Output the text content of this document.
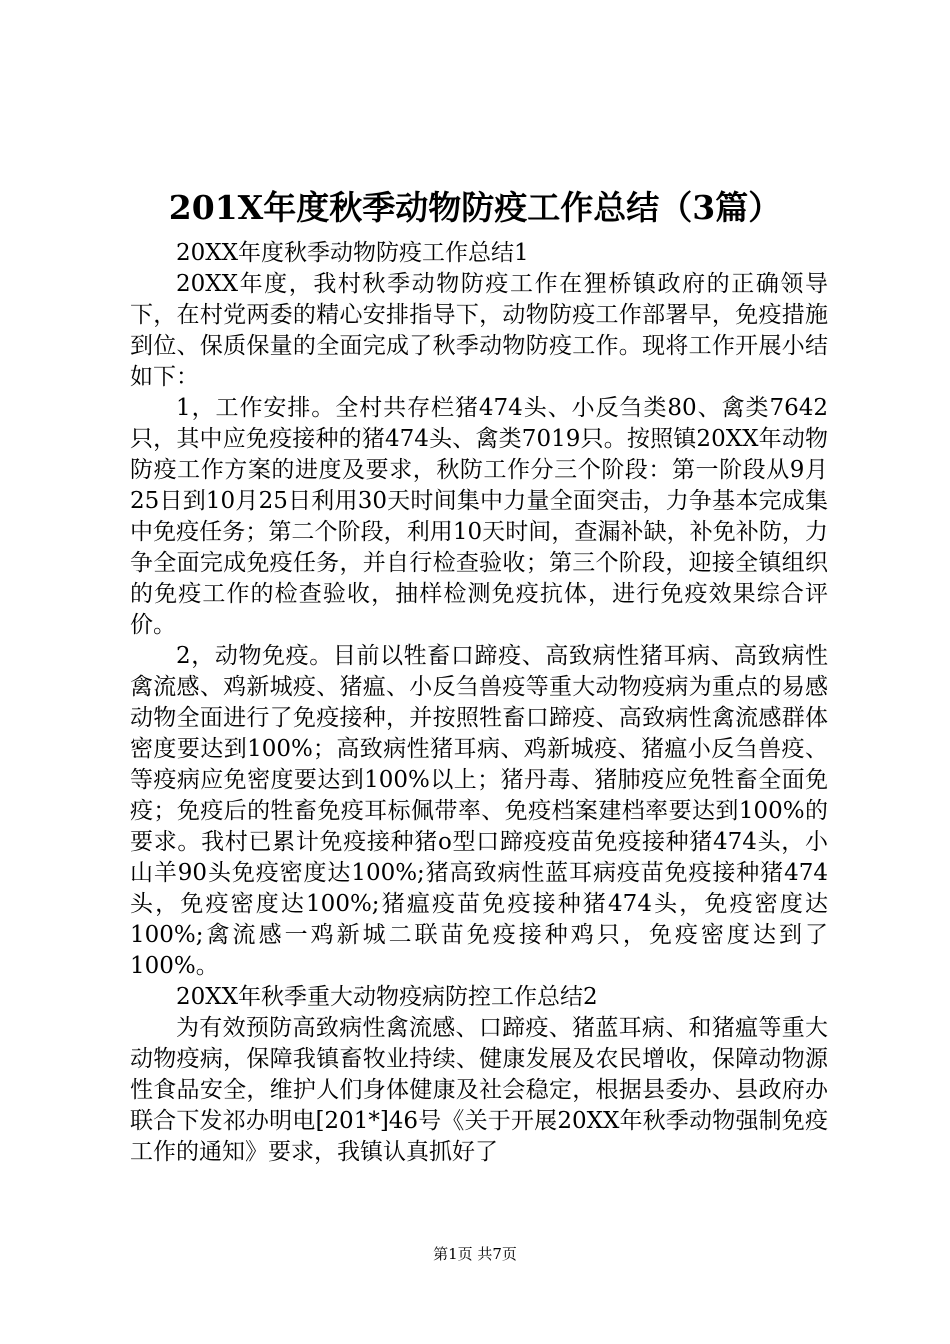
201X年度秋季动物防疫工作总结（3篇）

20XX年度秋季动物防疫工作总结1

20XX年度，我村秋季动物防疫工作在狸桥镇政府的正确领导下，在村党两委的精心安排指导下，动物防疫工作部署早，免疫措施到位、保质保量的全面完成了秋季动物防疫工作。现将工作开展小结如下：

1，工作安排。全村共存栏猪474头、小反刍类80、禽类7642只，其中应免疫接种的猪474头、禽类7019只。按照镇20XX年动物防疫工作方案的进度及要求，秋防工作分三个阶段：第一阶段从9月25日到10月25日利用30天时间集中力量全面突击，力争基本完成集中免疫任务；第二个阶段，利用10天时间，查漏补缺，补免补防，力争全面完成免疫任务，并自行检查验收；第三个阶段，迎接全镇组织的免疫工作的检查验收，抽样检测免疫抗体，进行免疫效果综合评价。

2，动物免疫。目前以牲畜口蹄疫、高致病性猪耳病、高致病性禽流感、鸡新城疫、猪瘟、小反刍兽疫等重大动物疫病为重点的易感动物全面进行了免疫接种，并按照牲畜口蹄疫、高致病性禽流感群体密度要达到100%；高致病性猪耳病、鸡新城疫、猪瘟小反刍兽疫、等疫病应免密度要达到100%以上；猪丹毒、猪肺疫应免牲畜全面免疫；免疫后的牲畜免疫耳标佩带率、免疫档案建档率要达到100%的要求。我村已累计免疫接种猪o型口蹄疫疫苗免疫接种猪474头，小山羊90头免疫密度达100%;猪高致病性蓝耳病疫苗免疫接种猪474头，免疫密度达100%;猪瘟疫苗免疫接种猪474头，免疫密度达100%;禽流感一鸡新城二联苗免疫接种鸡只，免疫密度达到了100%。

20XX年秋季重大动物疫病防控工作总结2

为有效预防高致病性禽流感、口蹄疫、猪蓝耳病、和猪瘟等重大动物疫病，保障我镇畜牧业持续、健康发展及农民增收，保障动物源性食品安全，维护人们身体健康及社会稳定，根据县委办、县政府办联合下发祁办明电[201*]46号《关于开展20XX年秋季动物强制免疫工作的通知》要求，我镇认真抓好了

第1页 共7页
